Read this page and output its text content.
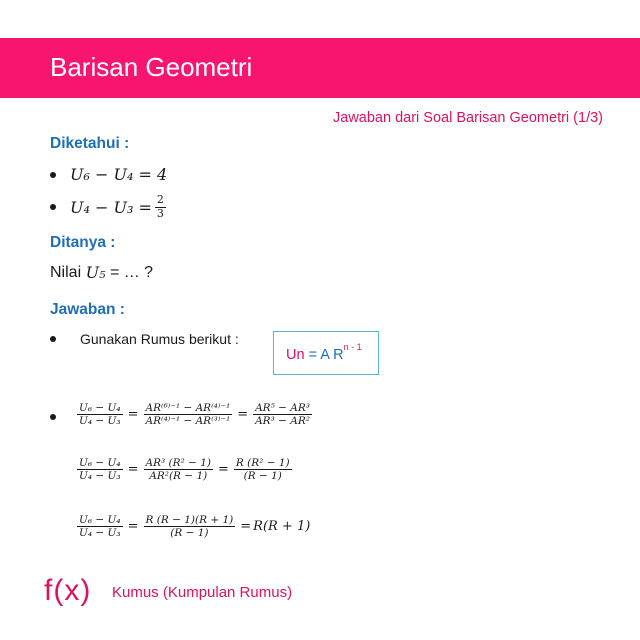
Barisan Geometri
Jawaban dari Soal Barisan Geometri (1/3)
Diketahui :
U₆ − U₄ = 4
$U_4 - U_3 = \frac{2}{3}$
Ditanya :
Nilai
U₅
= … ?
Jawaban :
Gunakan Rumus berikut :
Un = A $R^{n - 1}$
$\frac{\text{U₆ − U₄}}{\text{U₄ − U₃}} = \frac{\text{AR⁽⁶⁾⁻¹ − AR⁽⁴⁾⁻¹}}{\text{AR⁽⁴⁾⁻¹ − AR⁽³⁾⁻¹}} = \frac{\text{AR⁵ − AR³}}{\text{AR³ − AR²}}$
$\frac{\text{U₆ − U₄}}{\text{U₄ − U₃}} = \frac{\text{AR³ (R² − 1)}}{\text{AR²(R − 1)}} = \frac{\text{R (R² − 1)}}{(R - 1)}$
$\frac{\text{U₆ − U₄}}{\text{U₄ − U₃}} = \frac{R (R - 1)(R + 1)}{(R - 1)} = R(R + 1)$
f(x) Kumus (Kumpulan Rumus)
